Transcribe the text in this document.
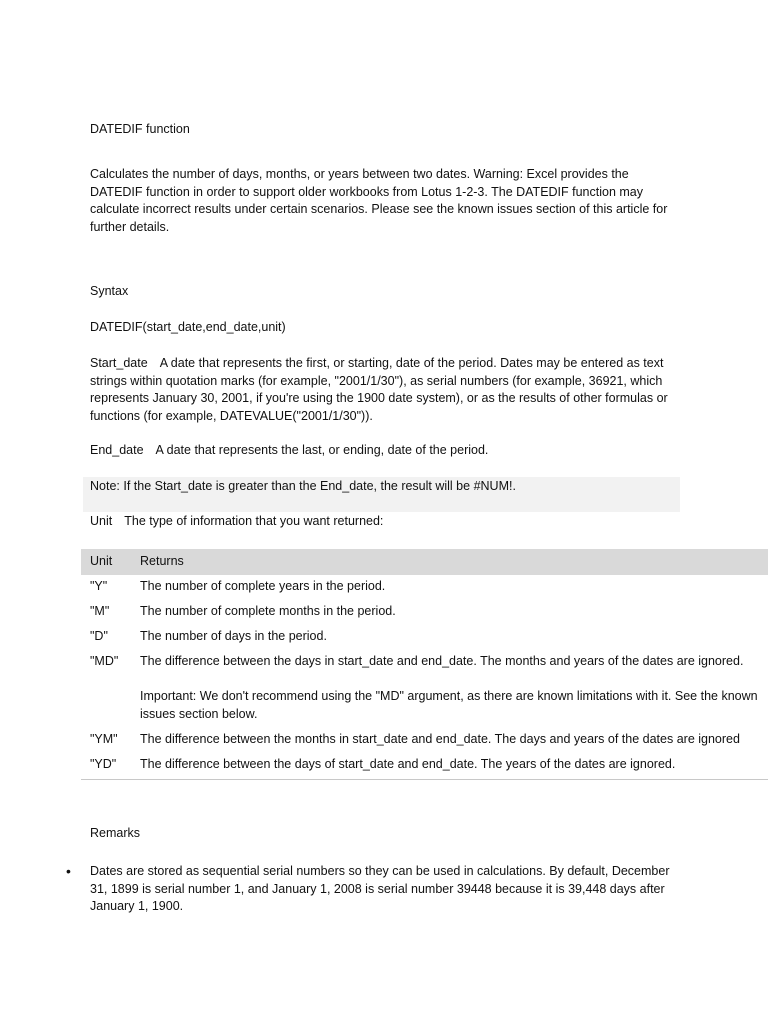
DATEDIF function

Calculates the number of days, months, or years between two dates. Warning: Excel provides the DATEDIF function in order to support older workbooks from Lotus 1-2-3. The DATEDIF function may calculate incorrect results under certain scenarios. Please see the known issues section of this article for further details.

Syntax

DATEDIF(start_date,end_date,unit)

Start_date A date that represents the first, or starting, date of the period. Dates may be entered as text strings within quotation marks (for example, "2001/1/30"), as serial numbers (for example, 36921, which represents January 30, 2001, if you're using the 1900 date system), or as the results of other formulas or functions (for example, DATEVALUE("2001/1/30")).

End_date A date that represents the last, or ending, date of the period.

Note: If the Start_date is greater than the End_date, the result will be #NUM!.

Unit The type of information that you want returned:

Unit Returns
"Y"	The number of complete years in the period.
"M" The number of complete months in the period.
"D"	The number of days in the period.
"MD" The difference between the days in start_date and end_date. The months and years of the dates are ignored.
Important: We don't recommend using the "MD" argument, as there are known limitations with it. See the known
issues section below.
"YM" The difference between the months in start_date and end_date. The days and years of the dates are ignored
"YD" The difference between the days of start_date and end_date. The years of the dates are ignored.

Remarks

• Dates are stored as sequential serial numbers so they can be used in calculations. By default, December 31, 1899 is serial number 1, and January 1, 2008 is serial number 39448 because it is 39,448 days after January 1, 1900.
